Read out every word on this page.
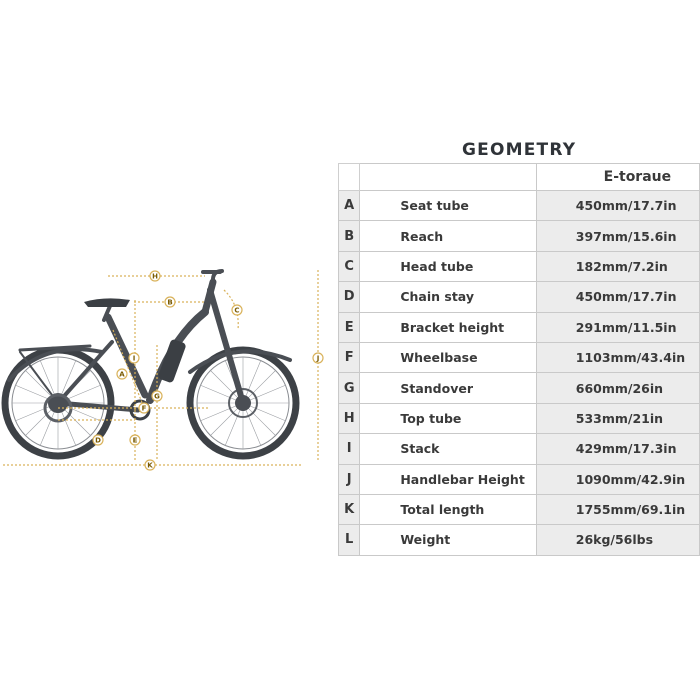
H
B
C
I	J
A
G
F
E
D
K
GEOMETRY
		E-toraue
A	Seat tube	450mm/17.7in
B	Reach	397mm/15.6in
C	Head tube	182mm/7.2in
D	Chain stay	450mm/17.7in
E	Bracket height	291mm/11.5in
F	Wheelbase	1103mm/43.4in
G	Standover	660mm/26in
H	Top tube	533mm/21in
I	Stack	429mm/17.3in
J	Handlebar Height	1090mm/42.9in
K	Total length	1755mm/69.1in
L	Weight	26kg/56lbs
